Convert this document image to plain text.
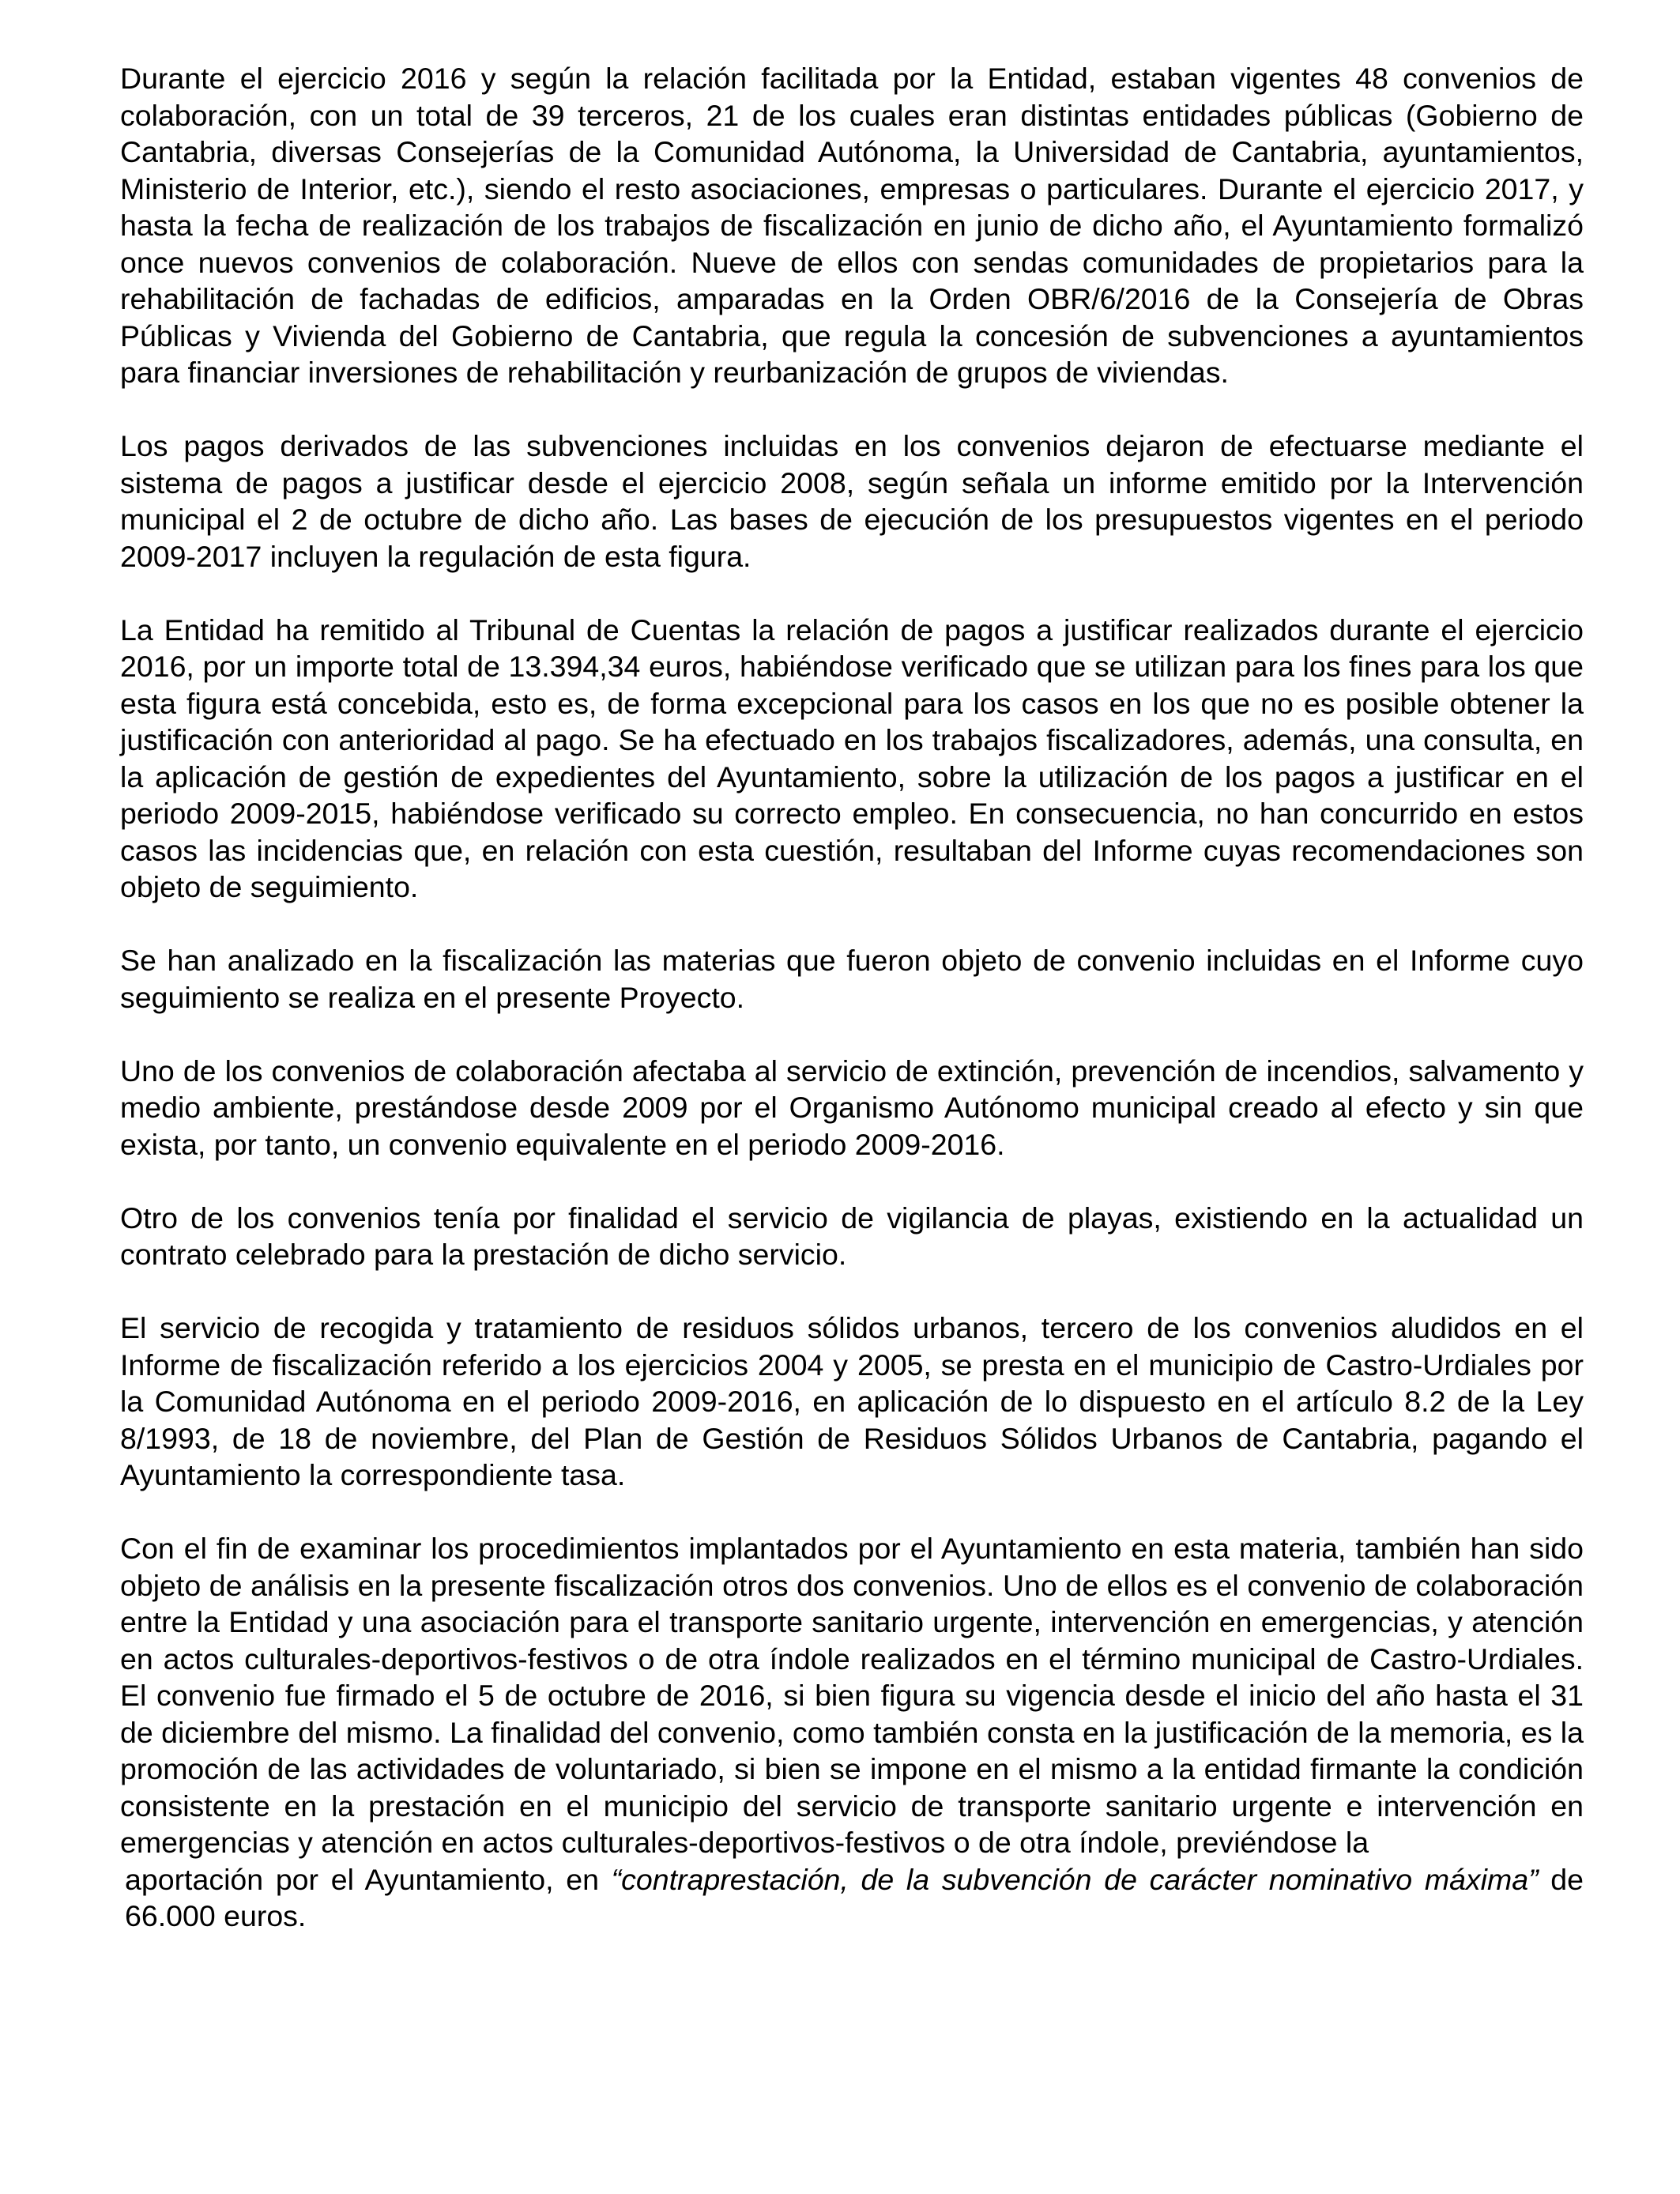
Durante el ejercicio 2016 y según la relación facilitada por la Entidad, estaban vigentes 48 convenios de colaboración, con un total de 39 terceros, 21 de los cuales eran distintas entidades públicas (Gobierno de Cantabria, diversas Consejerías de la Comunidad Autónoma, la Universidad de Cantabria, ayuntamientos, Ministerio de Interior, etc.), siendo el resto asociaciones, empresas o particulares. Durante el ejercicio 2017, y hasta la fecha de realización de los trabajos de fiscalización en junio de dicho año, el Ayuntamiento formalizó once nuevos convenios de colaboración. Nueve de ellos con sendas comunidades de propietarios para la rehabilitación de fachadas de edificios, amparadas en la Orden OBR/6/2016 de la Consejería de Obras Públicas y Vivienda del Gobierno de Cantabria, que regula la concesión de subvenciones a ayuntamientos para financiar inversiones de rehabilitación y reurbanización de grupos de viviendas.

Los pagos derivados de las subvenciones incluidas en los convenios dejaron de efectuarse mediante el sistema de pagos a justificar desde el ejercicio 2008, según señala un informe emitido por la Intervención municipal el 2 de octubre de dicho año. Las bases de ejecución de los presupuestos vigentes en el periodo 2009-2017 incluyen la regulación de esta figura.

La Entidad ha remitido al Tribunal de Cuentas la relación de pagos a justificar realizados durante el ejercicio 2016, por un importe total de 13.394,34 euros, habiéndose verificado que se utilizan para los fines para los que esta figura está concebida, esto es, de forma excepcional para los casos en los que no es posible obtener la justificación con anterioridad al pago. Se ha efectuado en los trabajos fiscalizadores, además, una consulta, en la aplicación de gestión de expedientes del Ayuntamiento, sobre la utilización de los pagos a justificar en el periodo 2009-2015, habiéndose verificado su correcto empleo. En consecuencia, no han concurrido en estos casos las incidencias que, en relación con esta cuestión, resultaban del Informe cuyas recomendaciones son objeto de seguimiento.

Se han analizado en la fiscalización las materias que fueron objeto de convenio incluidas en el Informe cuyo seguimiento se realiza en el presente Proyecto.

Uno de los convenios de colaboración afectaba al servicio de extinción, prevención de incendios, salvamento y medio ambiente, prestándose desde 2009 por el Organismo Autónomo municipal creado al efecto y sin que exista, por tanto, un convenio equivalente en el periodo 2009-2016.

Otro de los convenios tenía por finalidad el servicio de vigilancia de playas, existiendo en la actualidad un contrato celebrado para la prestación de dicho servicio.

El servicio de recogida y tratamiento de residuos sólidos urbanos, tercero de los convenios aludidos en el Informe de fiscalización referido a los ejercicios 2004 y 2005, se presta en el municipio de Castro-Urdiales por la Comunidad Autónoma en el periodo 2009-2016, en aplicación de lo dispuesto en el artículo 8.2 de la Ley 8/1993, de 18 de noviembre, del Plan de Gestión de Residuos Sólidos Urbanos de Cantabria, pagando el Ayuntamiento la correspondiente tasa.

Con el fin de examinar los procedimientos implantados por el Ayuntamiento en esta materia, también han sido objeto de análisis en la presente fiscalización otros dos convenios. Uno de ellos es el convenio de colaboración entre la Entidad y una asociación para el transporte sanitario urgente, intervención en emergencias, y atención en actos culturales-deportivos-festivos o de otra índole realizados en el término municipal de Castro-Urdiales. El convenio fue firmado el 5 de octubre de 2016, si bien figura su vigencia desde el inicio del año hasta el 31 de diciembre del mismo. La finalidad del convenio, como también consta en la justificación de la memoria, es la promoción de las actividades de voluntariado, si bien se impone en el mismo a la entidad firmante la condición consistente en la prestación en el municipio del servicio de transporte sanitario urgente e intervención en emergencias y atención en actos culturales-deportivos-festivos o de otra índole, previéndose la
aportación por el Ayuntamiento, en “contraprestación, de la subvención de carácter nominativo máxima” de 66.000 euros.
